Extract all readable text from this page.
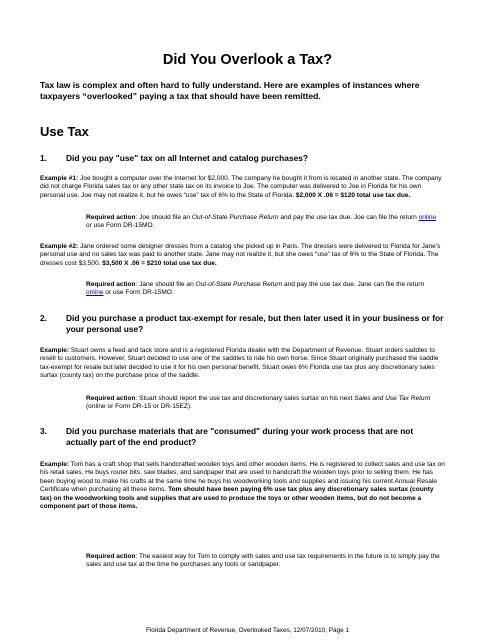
Did You Overlook a Tax?

Tax law is complex and often hard to fully understand. Here are examples of instances where taxpayers “overlooked” paying a tax that should have been remitted.

Use Tax
1.	Did you pay "use" tax on all Internet and catalog purchases?

Example #1: Joe bought a computer over the Internet for $2,000. The company he bought it from is located in another state. The company did not charge Florida sales tax or any other state tax on its invoice to Joe. The computer was delivered to Joe in Florida for his own personal use. Joe may not realize it, but he owes “use” tax of 6% to the State of Florida. $2,000 X .06 = $120 total use tax due.

Required action: Joe should file an Out-of-State Purchase Return and pay the use tax due. Joe can file the return online or use Form DR-15MO.

Example #2: Jane ordered some designer dresses from a catalog she picked up in Paris. The dresses were delivered to Florida for Jane’s personal use and no sales tax was paid to another state. Jane may not realize it, but she owes “use” tax of 6% to the State of Florida. The dresses cost $3,500. $3,500 X .06 = $210 total use tax due.

Required action: Jane should file an Out-of-State Purchase Return and pay the use tax due. Jane can file the return online or use Form DR-15MO.

2.	Did you purchase a product tax-exempt for resale, but then later used it in your business or for your personal use?

Example: Stuart owns a feed and tack store and is a registered Florida dealer with the Department of Revenue. Stuart orders saddles to resell to customers. However, Stuart decided to use one of the saddles to ride his own horse. Since Stuart originally purchased the saddle tax-exempt for resale but later decided to use it for his own personal benefit, Stuart owes 6% Florida use tax plus any discretionary sales surtax (county tax) on the purchase price of the saddle.

Required action: Stuart should report the use tax and discretionary sales surtax on his next Sales and Use Tax Return (online or Form DR-15 or DR-15EZ).

3.	Did you purchase materials that are "consumed" during your work process that are not actually part of the end product?

Example: Tom has a craft shop that sells handcrafted wooden toys and other wooden items. He is registered to collect sales and use tax on his retail sales. He buys router bits, saw blades, and sandpaper that are used to handcraft the wooden toys prior to selling them. He has been buying wood to make his crafts at the same time he buys his woodworking tools and supplies and issuing his current Annual Resale Certificate when purchasing all these items. Tom should have been paying 6% use tax plus any discretionary sales surtax (county tax) on the woodworking tools and supplies that are used to produce the toys or other wooden items, but do not become a component part of those items.

Required action: The easiest way for Tom to comply with sales and use tax requirements in the future is to simply pay the sales and use tax at the time he purchases any tools or sandpaper.

Florida Department of Revenue, Overlooked Taxes, 12/07/2010, Page 1
